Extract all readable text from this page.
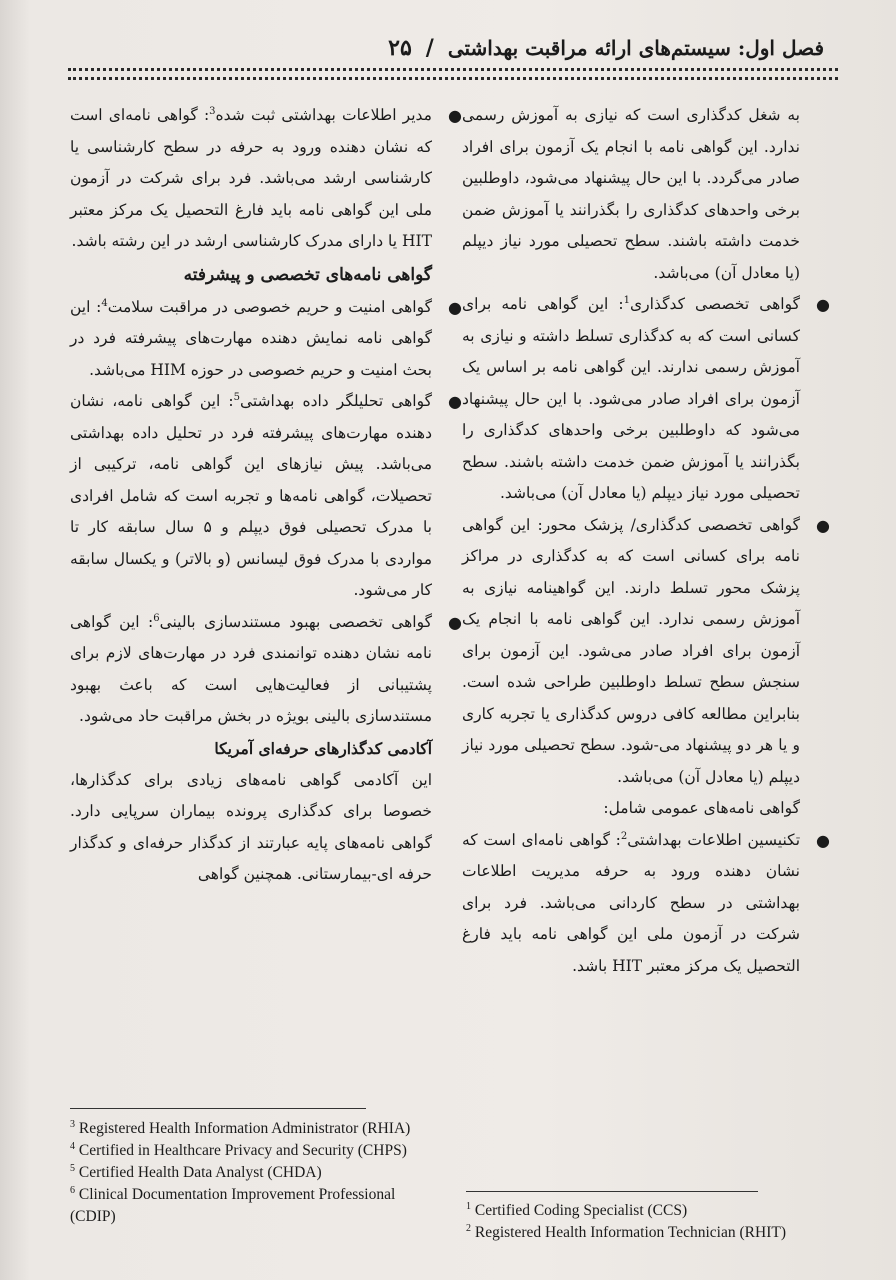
فصل اول: سیستم‌های ارائه مراقبت بهداشتی
/
۲۵

به شغل کدگذاری است که نیازی به آموزش رسمی ندارد. این گواهی نامه با انجام یک آزمون برای افراد صادر می‌گردد. با این حال پیشنهاد می‌شود، داوطلبین برخی واحدهای کدگذاری را بگذرانند یا آموزش ضمن خدمت داشته باشند. سطح تحصیلی مورد نیاز دیپلم (یا معادل آن) می‌باشد.

●
گواهی تخصصی کدگذاری$^1$: این گواهی نامه برای کسانی است که به کدگذاری تسلط داشته و نیازی به آموزش رسمی ندارند. این گواهی نامه بر اساس یک آزمون برای افراد صادر می‌شود. با این حال پیشنهاد می‌شود که داوطلبین برخی واحدهای کدگذاری را بگذرانند یا آموزش ضمن خدمت داشته باشند. سطح تحصیلی مورد نیاز دیپلم (یا معادل آن) می‌باشد.

●
گواهی تخصصی کدگذاری/ پزشک محور: این گواهی نامه برای کسانی است که به کدگذاری در مراکز پزشک محور تسلط دارند. این گواهینامه نیازی به آموزش رسمی ندارد. این گواهی نامه با انجام یک آزمون برای افراد صادر می‌شود. این آزمون برای سنجش سطح تسلط داوطلبین طراحی شده است. بنابراین مطالعه کافی دروس کدگذاری یا تجربه کاری و یا هر دو پیشنهاد می-شود. سطح تحصیلی مورد نیاز دیپلم (یا معادل آن) می‌باشد.

گواهی نامه‌های عمومی شامل:

●
تکنیسین اطلاعات بهداشتی$^2$: گواهی نامه‌ای است که نشان دهنده ورود به حرفه مدیریت اطلاعات بهداشتی در سطح کاردانی می‌باشد. فرد برای شرکت در آزمون ملی این گواهی نامه باید فارغ التحصیل یک مرکز معتبر HIT باشد.

●
مدیر اطلاعات بهداشتی ثبت شده$^3$: گواهی نامه‌ای است که نشان دهنده ورود به حرفه در سطح کارشناسی یا کارشناسی ارشد می‌باشد. فرد برای شرکت در آزمون ملی این گواهی نامه باید فارغ التحصیل یک مرکز معتبر HIT یا دارای مدرک کارشناسی ارشد در این رشته باشد.

گواهی نامه‌های تخصصی و پیشرفته

●
گواهی امنیت و حریم خصوصی در مراقبت سلامت$^4$: این گواهی نامه نمایش دهنده مهارت‌های پیشرفته فرد در بحث امنیت و حریم خصوصی در حوزه HIM می‌باشد.

●
گواهی تحلیلگر داده بهداشتی$^5$: این گواهی نامه، نشان دهنده مهارت‌های پیشرفته فرد در تحلیل داده بهداشتی می‌باشد. پیش نیازهای این گواهی نامه، ترکیبی از تحصیلات، گواهی نامه‌ها و تجربه است که شامل افرادی با مدرک تحصیلی فوق دیپلم و ۵ سال سابقه کار تا مواردی با مدرک فوق لیسانس (و بالاتر) و یکسال سابقه کار می‌شود.

●
گواهی تخصصی بهبود مستندسازی بالینی$^6$: این گواهی نامه نشان دهنده توانمندی فرد در مهارت‌های لازم برای پشتیبانی از فعالیت‌هایی است که باعث بهبود مستندسازی بالینی بویژه در بخش مراقبت حاد می‌شود.

آکادمی کدگذارهای حرفه‌ای آمریکا

این آکادمی گواهی نامه‌های زیادی برای کدگذارها، خصوصا برای کدگذاری پرونده بیماران سرپایی دارد. گواهی نامه‌های پایه عبارتند از کدگذار حرفه‌ای و کدگذار حرفه ای-بیمارستانی. همچنین گواهی

$^3$ Registered Health Information Administrator (RHIA)

$^4$ Certified in Healthcare Privacy and Security (CHPS)

$^5$ Certified Health Data Analyst (CHDA)

$^6$ Clinical Documentation Improvement Professional (CDIP)

$^1$ Certified Coding Specialist (CCS)

$^2$ Registered Health Information Technician (RHIT)
